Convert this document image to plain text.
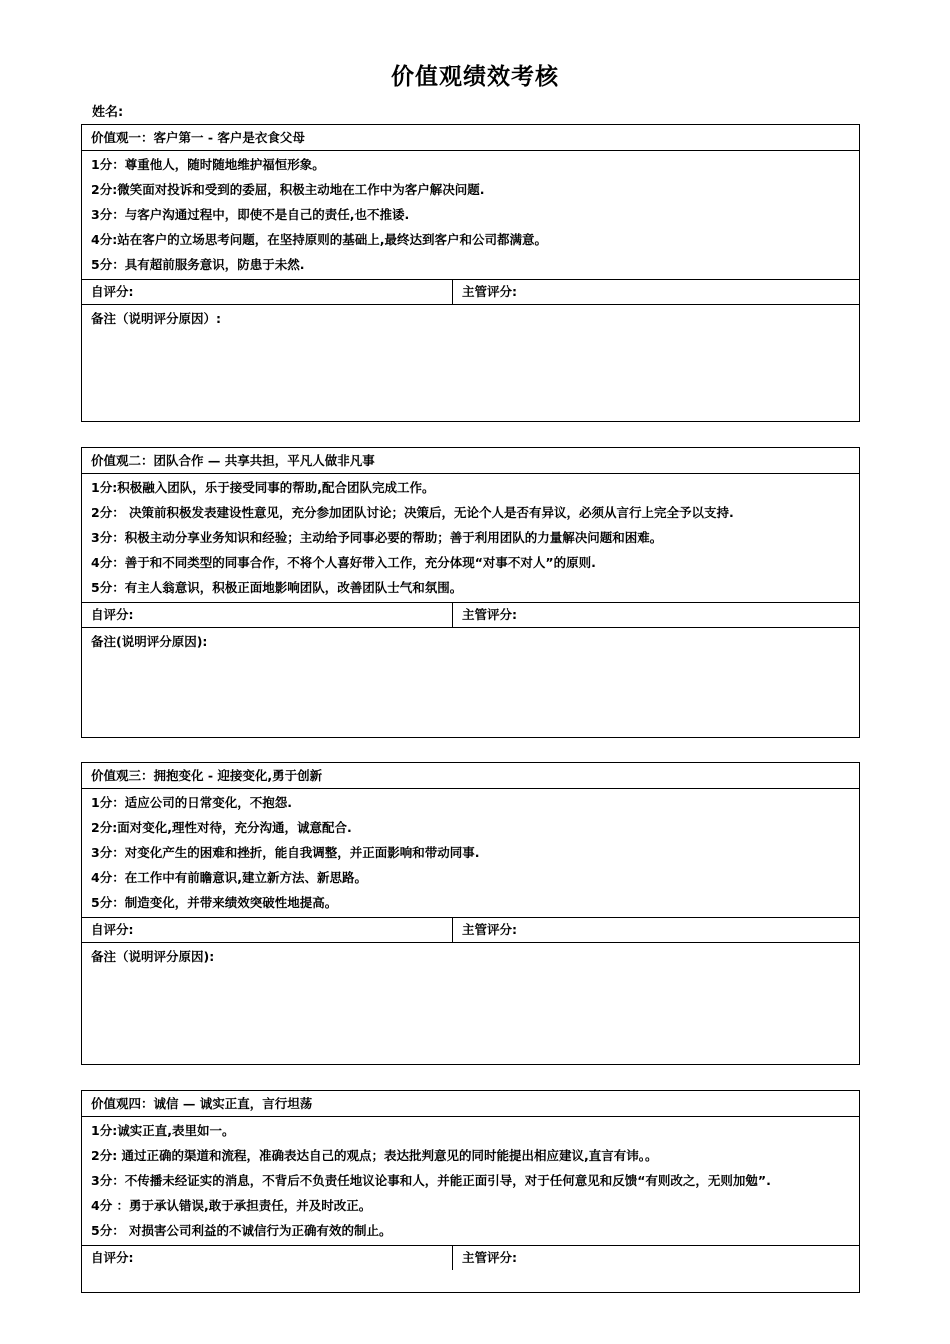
价值观绩效考核
姓名:
价值观一：客户第一 - 客户是衣食父母
1分：尊重他人，随时随地维护福恒形象。
2分:微笑面对投诉和受到的委屈，积极主动地在工作中为客户解决问题.
3分：与客户沟通过程中，即使不是自己的责任,也不推诿.
4分:站在客户的立场思考问题，在坚持原则的基础上,最终达到客户和公司都满意。
5分：具有超前服务意识，防患于未然.
自评分:	主管评分:
备注（说明评分原因）:
价值观二：团队合作 — 共享共担，平凡人做非凡事
1分:积极融入团队，乐于接受同事的帮助,配合团队完成工作。
2分： 决策前积极发表建设性意见，充分参加团队讨论；决策后，无论个人是否有异议，必须从言行上完全予以支持.
3分：积极主动分享业务知识和经验；主动给予同事必要的帮助；善于利用团队的力量解决问题和困难。
4分：善于和不同类型的同事合作，不将个人喜好带入工作，充分体现“对事不对人”的原则.
5分：有主人翁意识，积极正面地影响团队，改善团队士气和氛围。
自评分:	主管评分:
备注(说明评分原因):
价值观三：拥抱变化 - 迎接变化,勇于创新
1分：适应公司的日常变化，不抱怨.
2分:面对变化,理性对待，充分沟通，诚意配合.
3分：对变化产生的困难和挫折，能自我调整，并正面影响和带动同事.
4分：在工作中有前瞻意识,建立新方法、新思路。
5分：制造变化，并带来绩效突破性地提高。
自评分:	主管评分:
备注（说明评分原因):
价值观四：诚信 — 诚实正直，言行坦荡
1分:诚实正直,表里如一。
2分: 通过正确的渠道和流程，准确表达自己的观点；表达批判意见的同时能提出相应建议,直言有讳。。
3分：不传播未经证实的消息，不背后不负责任地议论事和人，并能正面引导，对于任何意见和反馈“有则改之，无则加勉”.
4分 ：勇于承认错误,敢于承担责任，并及时改正。
5分： 对损害公司利益的不诚信行为正确有效的制止。
自评分:	主管评分:
